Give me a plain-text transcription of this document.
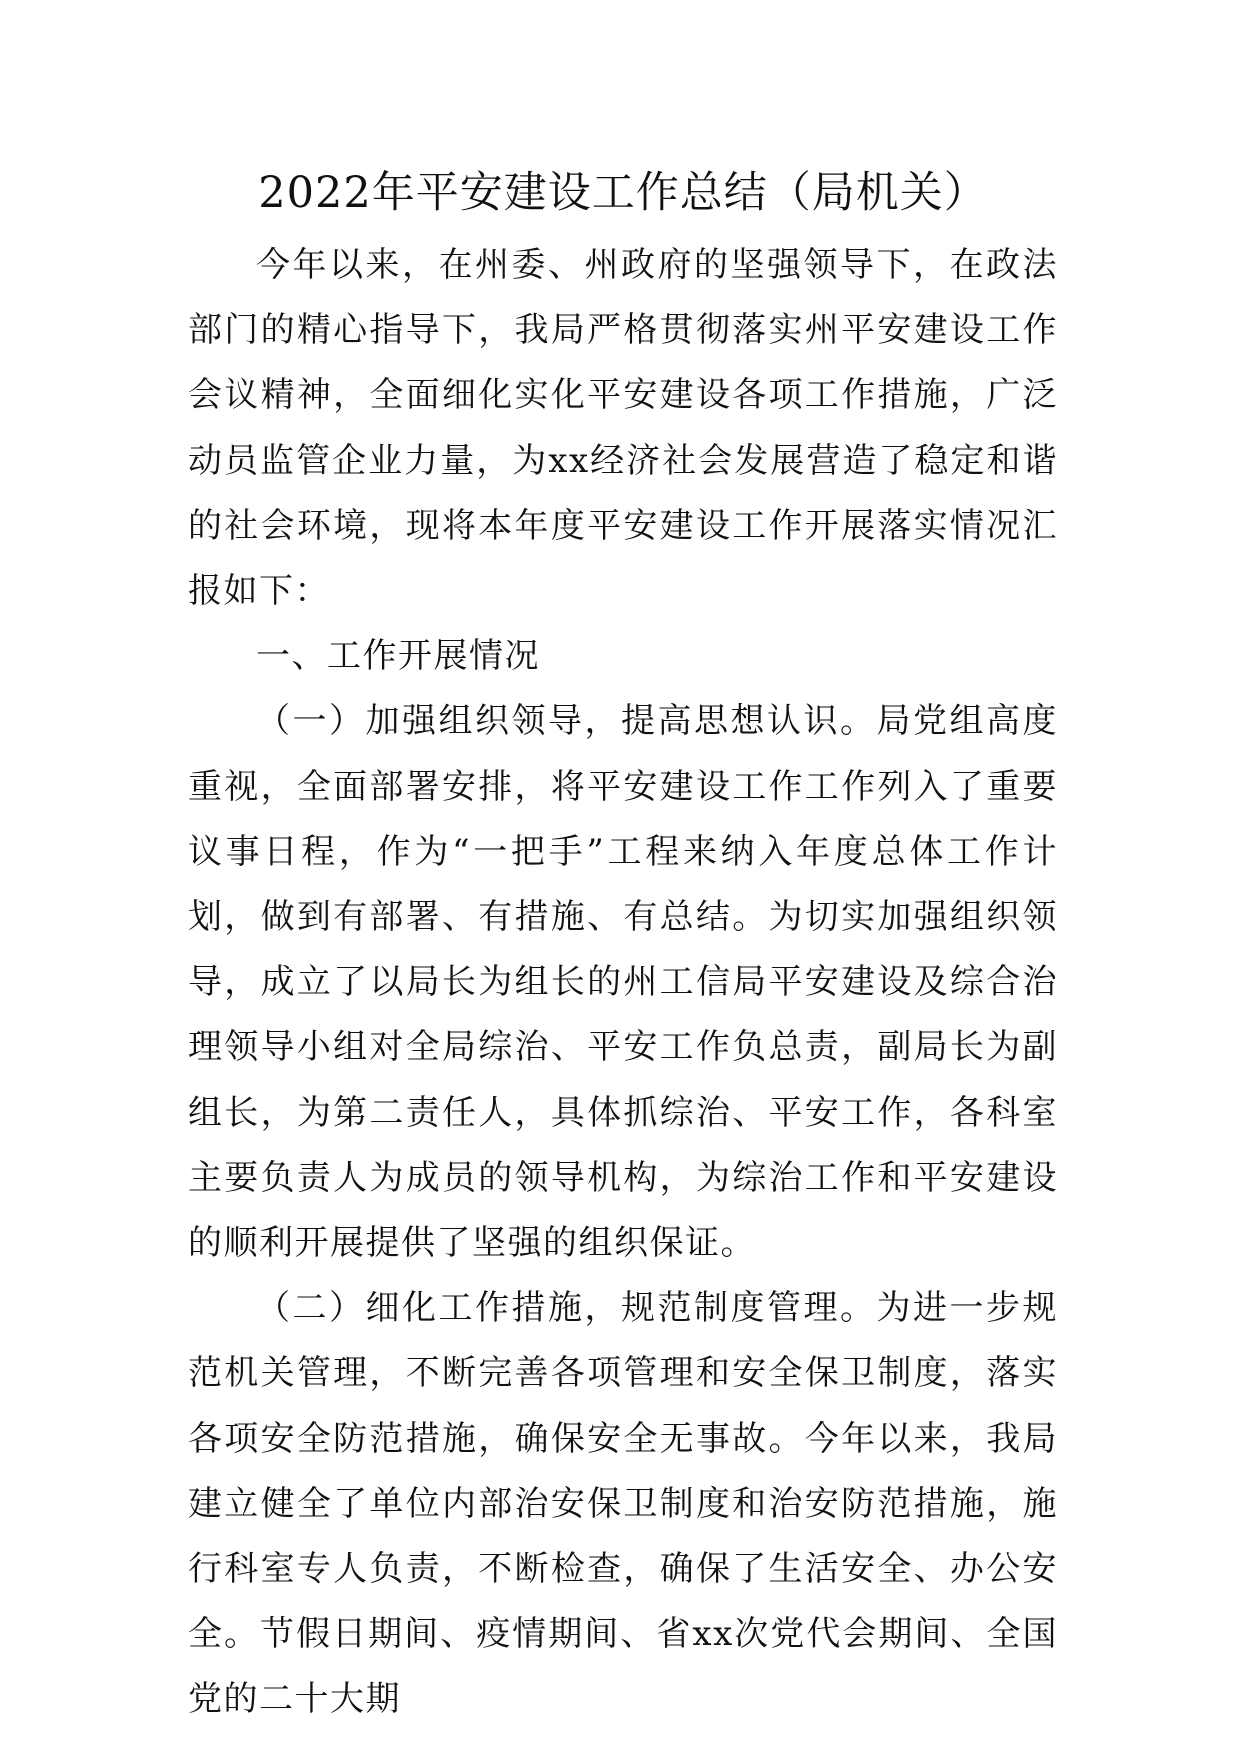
2022年平安建设工作总结（局机关）

今年以来，在州委、州政府的坚强领导下，在政法部门的精心指导下，我局严格贯彻落实州平安建设工作会议精神，全面细化实化平安建设各项工作措施，广泛动员监管企业力量，为xx经济社会发展营造了稳定和谐的社会环境，现将本年度平安建设工作开展落实情况汇报如下：

一、工作开展情况

（一）加强组织领导，提高思想认识。局党组高度重视，全面部署安排，将平安建设工作工作列入了重要议事日程，作为“一把手”工程来纳入年度总体工作计划，做到有部署、有措施、有总结。为切实加强组织领导，成立了以局长为组长的州工信局平安建设及综合治理领导小组对全局综治、平安工作负总责，副局长为副组长，为第二责任人，具体抓综治、平安工作，各科室主要负责人为成员的领导机构，为综治工作和平安建设的顺利开展提供了坚强的组织保证。

（二）细化工作措施，规范制度管理。为进一步规范机关管理，不断完善各项管理和安全保卫制度，落实各项安全防范措施，确保安全无事故。今年以来，我局建立健全了单位内部治安保卫制度和治安防范措施，施行科室专人负责，不断检查，确保了生活安全、办公安全。节假日期间、疫情期间、省xx次党代会期间、全国党的二十大期
